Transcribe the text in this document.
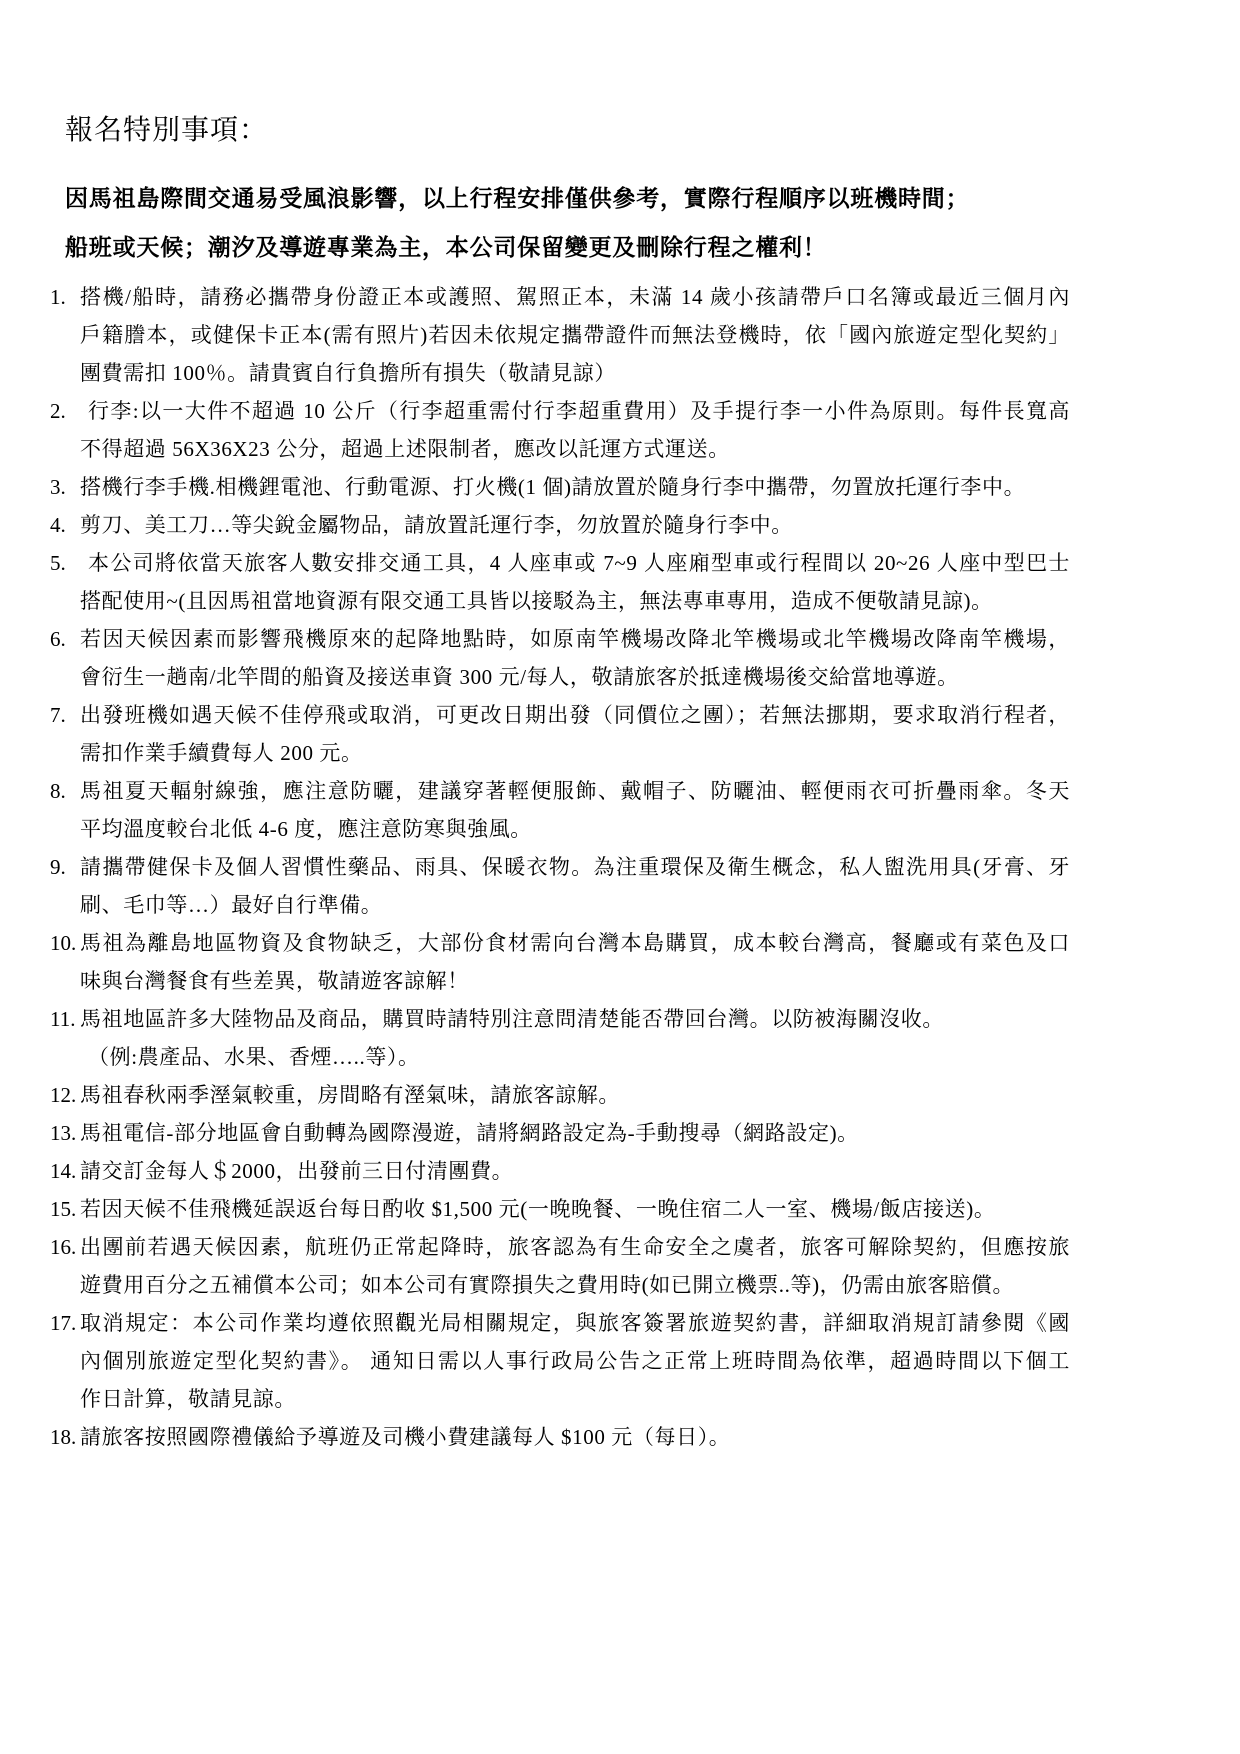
報名特別事項：
因馬祖島際間交通易受風浪影響，以上行程安排僅供參考，實際行程順序以班機時間；
船班或天候；潮汐及導遊專業為主，本公司保留變更及刪除行程之權利！
1. 搭機/船時，請務必攜帶身份證正本或護照、駕照正本，未滿 14 歲小孩請帶戶口名簿或最近三個月內
戶籍謄本，或健保卡正本(需有照片)若因未依規定攜帶證件而無法登機時，依「國內旅遊定型化契約」
團費需扣 100％。請貴賓自行負擔所有損失（敬請見諒）
2.	行李:以一大件不超過 10 公斤（行李超重需付行李超重費用）及手提行李一小件為原則。每件長寬高
不得超過 56X36X23 公分，超過上述限制者，應改以託運方式運送。
3. 搭機行李手機.相機鋰電池、行動電源、打火機(1 個)請放置於隨身行李中攜帶，勿置放托運行李中。
4. 剪刀、美工刀…等尖銳金屬物品，請放置託運行李，勿放置於隨身行李中。
5.	本公司將依當天旅客人數安排交通工具，4 人座車或 7~9 人座廂型車或行程間以 20~26 人座中型巴士
搭配使用~(且因馬祖當地資源有限交通工具皆以接駁為主，無法專車專用，造成不便敬請見諒)。
6. 若因天候因素而影響飛機原來的起降地點時，如原南竿機場改降北竿機場或北竿機場改降南竿機場，
會衍生一趟南/北竿間的船資及接送車資 300 元/每人，敬請旅客於抵達機場後交給當地導遊。
7. 出發班機如遇天候不佳停飛或取消，可更改日期出發（同價位之團）；若無法挪期，要求取消行程者，
需扣作業手續費每人 200 元。
8. 馬祖夏天輻射線強，應注意防曬，建議穿著輕便服飾、戴帽子、防曬油、輕便雨衣可折疊雨傘。冬天
平均溫度較台北低 4-6 度，應注意防寒與強風。
9. 請攜帶健保卡及個人習慣性藥品、雨具、保暖衣物。為注重環保及衛生概念，私人盥洗用具(牙膏、牙
刷、毛巾等…）最好自行準備。
10. 馬祖為離島地區物資及食物缺乏，大部份食材需向台灣本島購買，成本較台灣高，餐廳或有菜色及口
味與台灣餐食有些差異，敬請遊客諒解！
11. 馬祖地區許多大陸物品及商品，購買時請特別注意問清楚能否帶回台灣。以防被海關沒收。
（例:農產品、水果、香煙…..等）。
12. 馬祖春秋兩季溼氣較重，房間略有溼氣味，請旅客諒解。
13. 馬祖電信-部分地區會自動轉為國際漫遊，請將網路設定為-手動搜尋（網路設定)。
14. 請交訂金每人＄2000，出發前三日付清團費。
15. 若因天候不佳飛機延誤返台每日酌收 $1,500 元(一晚晚餐、一晚住宿二人一室、機場/飯店接送)。
16. 出團前若遇天候因素，航班仍正常起降時，旅客認為有生命安全之虞者，旅客可解除契約，但應按旅
遊費用百分之五補償本公司；如本公司有實際損失之費用時(如已開立機票..等)，仍需由旅客賠償。
17. 取消規定：本公司作業均遵依照觀光局相關規定，與旅客簽署旅遊契約書，詳細取消規訂請參閱《國
內個別旅遊定型化契約書》。 通知日需以人事行政局公告之正常上班時間為依準，超過時間以下個工
作日計算，敬請見諒。
18. 請旅客按照國際禮儀給予導遊及司機小費建議每人 $100 元（每日）。
